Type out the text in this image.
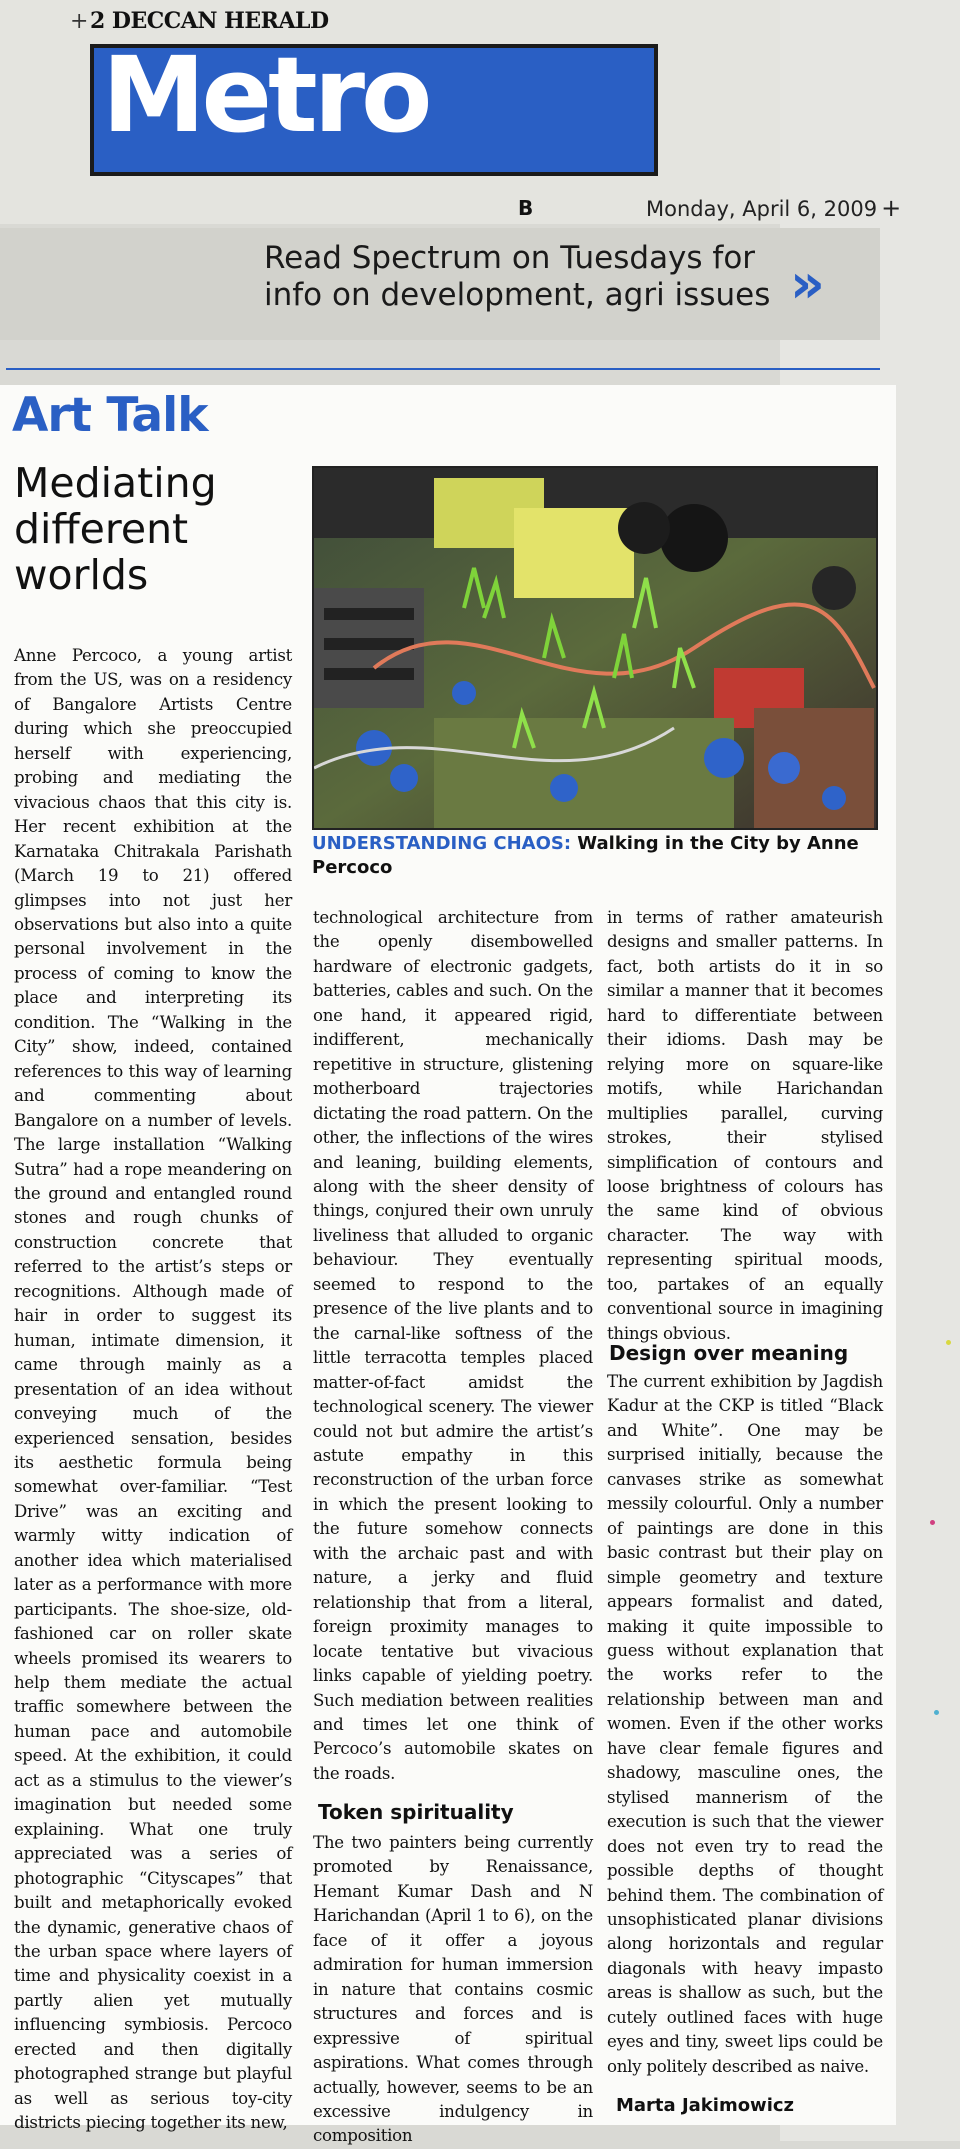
+2 DECCAN HERALD
Metro
B	Monday, April 6, 2009 +
Read Spectrum on Tuesdays for info on development, agri issues »
Art Talk
Mediating different worlds
UNDERSTANDING CHAOS: Walking in the City by Anne Percoco

Anne Percoco, a young artist from the US, was on a residency of Bangalore Artists Centre during which she preoccupied herself with experiencing, probing and mediating the vivacious chaos that this city is. Her recent exhibition at the Karnataka Chitrakala Parishath (March 19 to 21) offered glimpses into not just her observations but also into a quite personal involvement in the process of coming to know the place and interpreting its condition. The “Walking in the City” show, indeed, contained references to this way of learning and commenting about Bangalore on a number of levels. The large installation “Walking Sutra” had a rope meandering on the ground and entangled round stones and rough chunks of construction concrete that referred to the artist’s steps or recognitions. Although made of hair in order to suggest its human, intimate dimension, it came through mainly as a presentation of an idea without conveying much of the experienced sensation, besides its aesthetic formula being somewhat over-familiar. “Test Drive” was an exciting and warmly witty indication of another idea which materialised later as a performance with more participants. The shoe-size, old-fashioned car on roller skate wheels promised its wearers to help them mediate the actual traffic somewhere between the human pace and automobile speed. At the exhibition, it could act as a stimulus to the viewer’s imagination but needed some explaining. What one truly appreciated was a series of photographic “Cityscapes” that built and metaphorically evoked the dynamic, generative chaos of the urban space where layers of time and physicality coexist in a partly alien yet mutually influencing symbiosis. Percoco erected and then digitally photographed strange but playful as well as serious toy-city districts piecing together its new,

technological architecture from the openly disembowelled hardware of electronic gadgets, batteries, cables and such. On the one hand, it appeared rigid, indifferent, mechanically repetitive in structure, glistening motherboard trajectories dictating the road pattern. On the other, the inflections of the wires and leaning, building elements, along with the sheer density of things, conjured their own unruly liveliness that alluded to organic behaviour. They eventually seemed to respond to the presence of the live plants and to the carnal-like softness of the little terracotta temples placed matter-of-fact amidst the technological scenery. The viewer could not but admire the artist’s astute empathy in this reconstruction of the urban force in which the present looking to the future somehow connects with the archaic past and with nature, a jerky and fluid relationship that from a literal, foreign proximity manages to locate tentative but vivacious links capable of yielding poetry. Such mediation between realities and times let one think of Percoco’s automobile skates on the roads.

Token spirituality

The two painters being currently promoted by Renaissance, Hemant Kumar Dash and N Harichandan (April 1 to 6), on the face of it offer a joyous admiration for human immersion in nature that contains cosmic structures and forces and is expressive of spiritual aspirations. What comes through actually, however, seems to be an excessive indulgency in composition

in terms of rather amateurish designs and smaller patterns. In fact, both artists do it in so similar a manner that it becomes hard to differentiate between their idioms. Dash may be relying more on square-like motifs, while Harichandan multiplies parallel, curving strokes, their stylised simplification of contours and loose brightness of colours has the same kind of obvious character. The way with representing spiritual moods, too, partakes of an equally conventional source in imagining things obvious.

Design over meaning

The current exhibition by Jagdish Kadur at the CKP is titled “Black and White”. One may be surprised initially, because the canvases strike as somewhat messily colourful. Only a number of paintings are done in this basic contrast but their play on simple geometry and texture appears formalist and dated, making it quite impossible to guess without explanation that the works refer to the relationship between man and women. Even if the other works have clear female figures and shadowy, masculine ones, the stylised mannerism of the execution is such that the viewer does not even try to read the possible depths of thought behind them. The combination of unsophisticated planar divisions along horizontals and regular diagonals with heavy impasto areas is shallow as such, but the cutely outlined faces with huge eyes and tiny, sweet lips could be only politely described as naive.

Marta Jakimowicz
